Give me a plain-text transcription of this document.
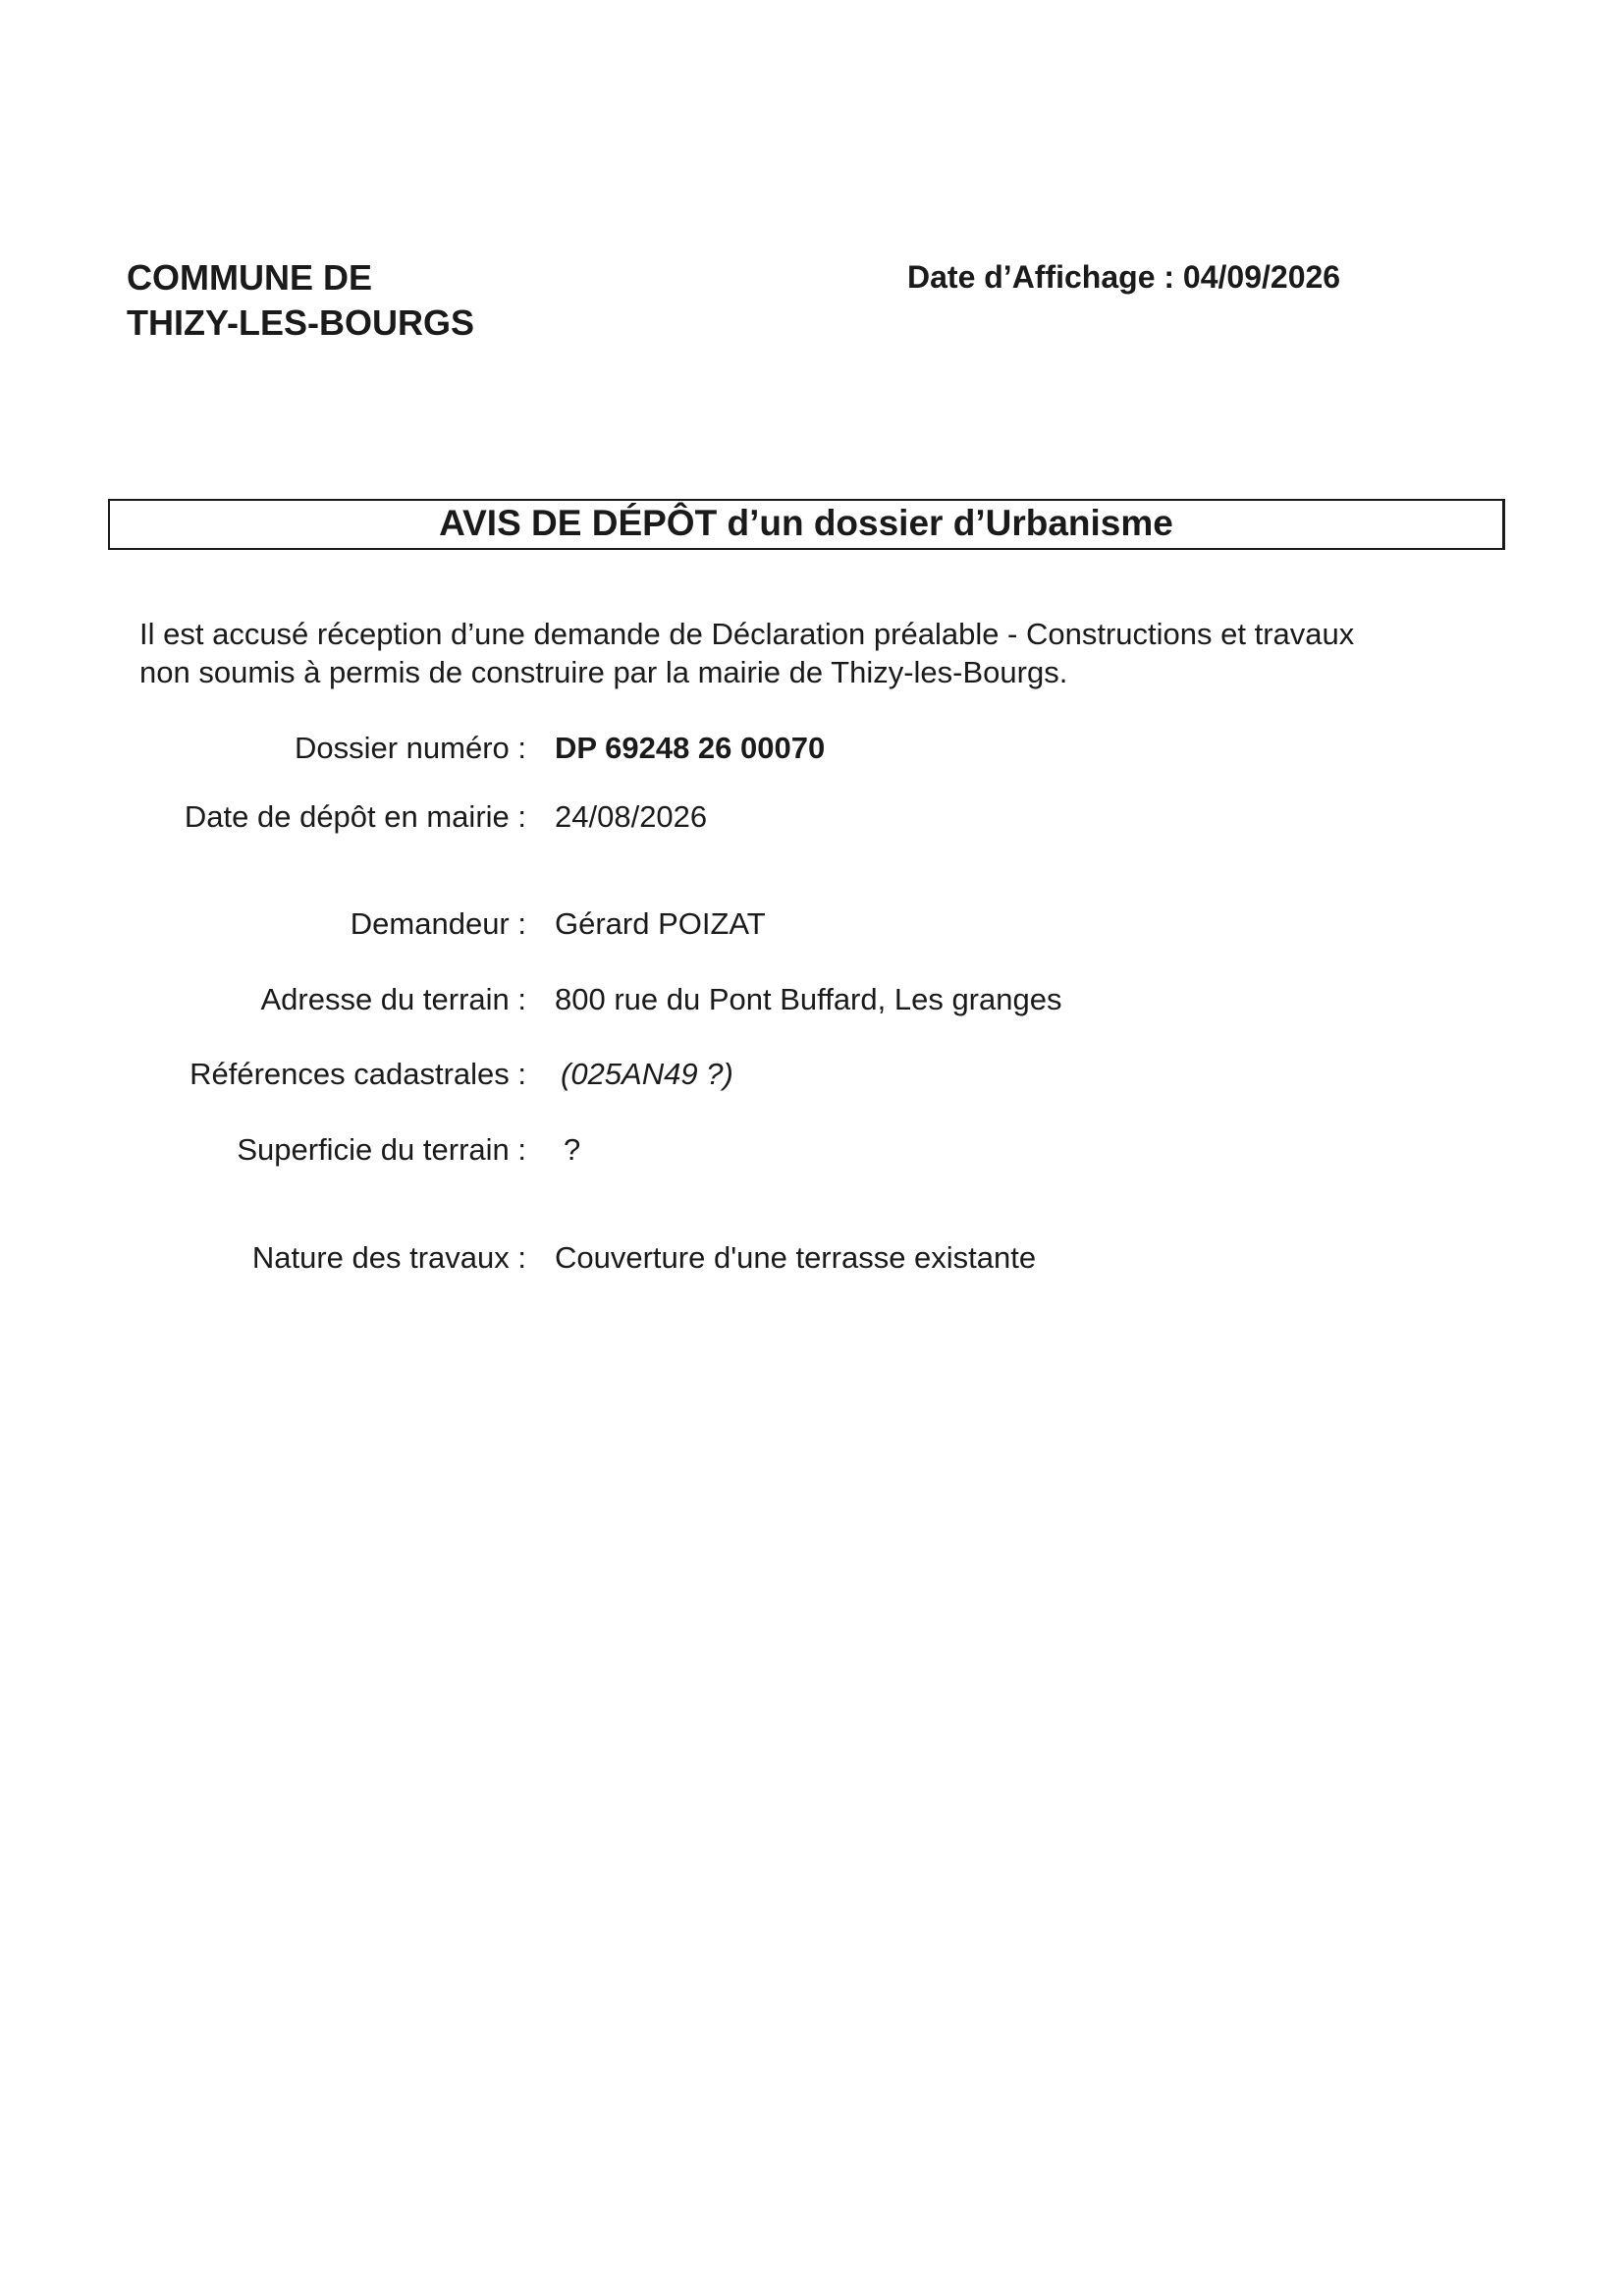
COMMUNE DE
THIZY-LES-BOURGS
Date d’Affichage : 04/09/2026
AVIS DE DÉPÔT d’un dossier d’Urbanisme
Il est accusé réception d’une demande de Déclaration préalable - Constructions et travaux
non soumis à permis de construire par la mairie de Thizy-les-Bourgs.
Dossier numéro : DP 69248 26 00070
Date de dépôt en mairie : 24/08/2026
Demandeur : Gérard POIZAT
Adresse du terrain : 800 rue du Pont Buffard, Les granges
Références cadastrales : (025AN49 ?)
Superficie du terrain : ?
Nature des travaux : Couverture d'une terrasse existante
